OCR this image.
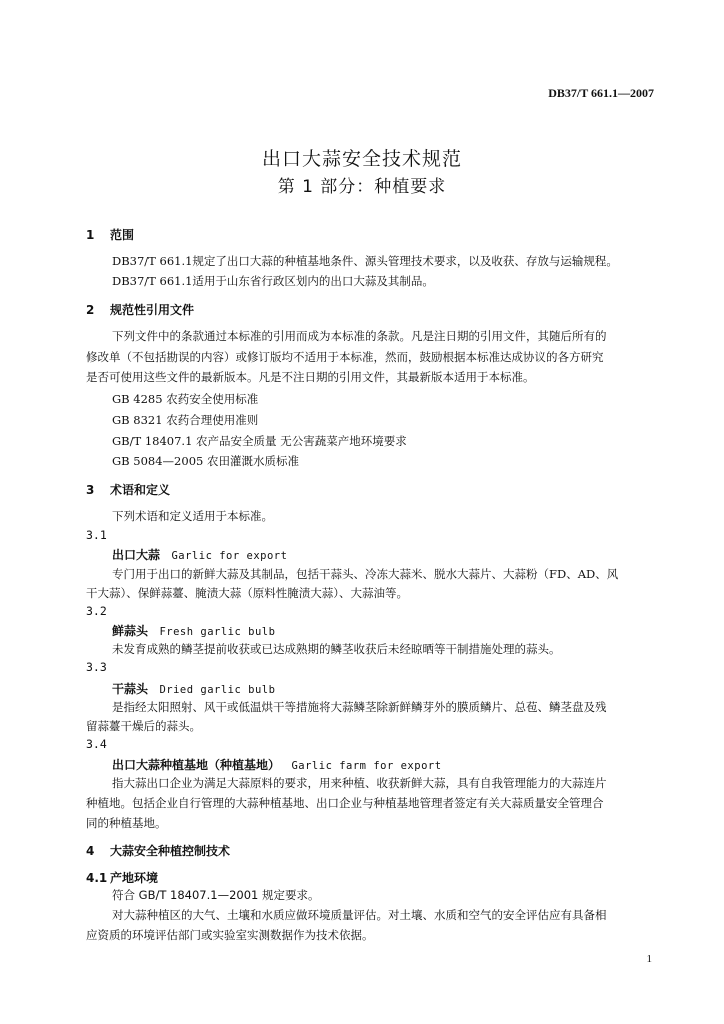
DB37/T 661.1—2007
出口大蒜安全技术规范
第 1 部分：种植要求
1 范围
DB37/T 661.1规定了出口大蒜的种植基地条件、源头管理技术要求，以及收获、存放与运输规程。
DB37/T 661.1适用于山东省行政区划内的出口大蒜及其制品。
2 规范性引用文件
下列文件中的条款通过本标准的引用而成为本标准的条款。凡是注日期的引用文件，其随后所有的
修改单（不包括勘误的内容）或修订版均不适用于本标准，然而，鼓励根据本标准达成协议的各方研究
是否可使用这些文件的最新版本。凡是不注日期的引用文件，其最新版本适用于本标准。
GB 4285 农药安全使用标准
GB 8321 农药合理使用准则
GB/T 18407.1 农产品安全质量 无公害蔬菜产地环境要求
GB 5084—2005 农田灌溉水质标准
3 术语和定义
下列术语和定义适用于本标准。
3.1
出口大蒜 Garlic for export
专门用于出口的新鲜大蒜及其制品，包括干蒜头、冷冻大蒜米、脱水大蒜片、大蒜粉（FD、AD、风
干大蒜）、保鲜蒜薹、腌渍大蒜（原料性腌渍大蒜）、大蒜油等。
3.2
鲜蒜头 Fresh garlic bulb
未发育成熟的鳞茎提前收获或已达成熟期的鳞茎收获后未经晾晒等干制措施处理的蒜头。
3.3
干蒜头 Dried garlic bulb
是指经太阳照射、风干或低温烘干等措施将大蒜鳞茎除新鲜鳞芽外的膜质鳞片、总苞、鳞茎盘及残
留蒜薹干燥后的蒜头。
3.4
出口大蒜种植基地（种植基地） Garlic farm for export
指大蒜出口企业为满足大蒜原料的要求，用来种植、收获新鲜大蒜，具有自我管理能力的大蒜连片
种植地。包括企业自行管理的大蒜种植基地、出口企业与种植基地管理者签定有关大蒜质量安全管理合
同的种植基地。
4 大蒜安全种植控制技术
4.1 产地环境
符合 GB/T 18407.1—2001 规定要求。
对大蒜种植区的大气、土壤和水质应做环境质量评估。对土壤、水质和空气的安全评估应有具备相
应资质的环境评估部门或实验室实测数据作为技术依据。
1
